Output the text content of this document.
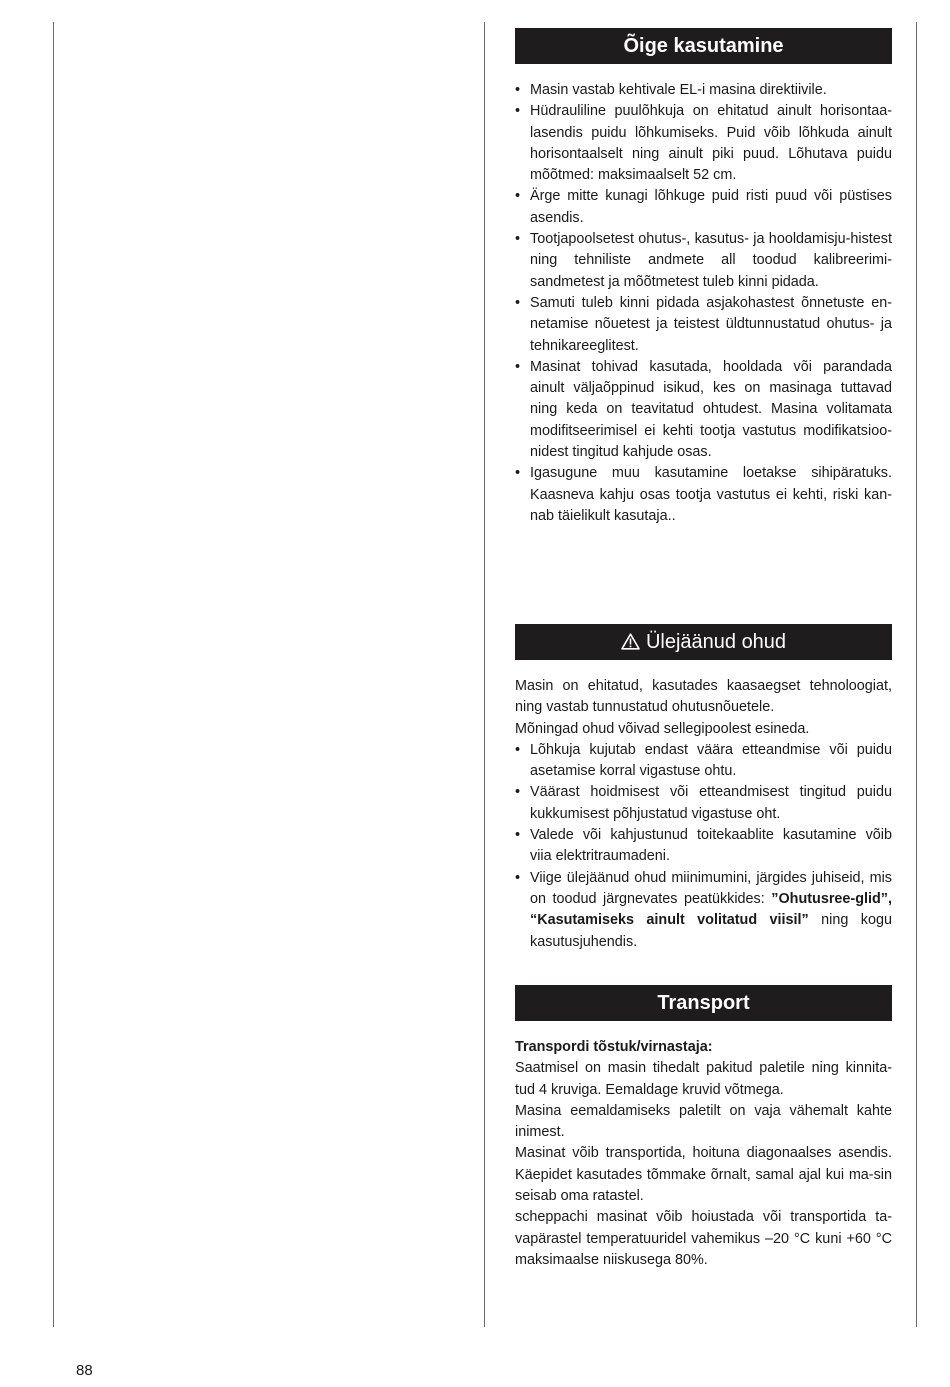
Õige kasutamine
• Masin vastab kehtivale EL-i masina direktiivile.
• Hüdrauliline puulõhkuja on ehitatud ainult horisontaa-lasendis puidu lõhkumiseks. Puid võib lõhkuda ainult horisontaalselt ning ainult piki puud. Lõhutava puidu mõõtmed: maksimaalselt 52 cm.
• Ärge mitte kunagi lõhkuge puid risti puud või püstises asendis.
• Tootjapoolsetest ohutus-, kasutus- ja hooldamisju-histest ning tehniliste andmete all toodud kalibreerimi-sandmetest ja mõõtmetest tuleb kinni pidada.
• Samuti tuleb kinni pidada asjakohastest õnnetuste en-netamise nõuetest ja teistest üldtunnustatud ohutus- ja tehnikareeglitest.
• Masinat tohivad kasutada, hooldada või parandada ainult väljaõppinud isikud, kes on masinaga tuttavad ning keda on teavitatud ohtudest. Masina volitamata modifitseerimisel ei kehti tootja vastutus modifikatsioo-nidest tingitud kahjude osas.
• Igasugune muu kasutamine loetakse sihipäratuks. Kaasneva kahju osas tootja vastutus ei kehti, riski kan-nab täielikult kasutaja..
Ülejäänud ohud

Masin on ehitatud, kasutades kaasaegset tehnoloogiat, ning vastab tunnustatud ohutusnõuetele.

Mõningad ohud võivad sellegipoolest esineda.

• Lõhkuja kujutab endast väära etteandmise või puidu asetamise korral vigastuse ohtu.
• Väärast hoidmisest või etteandmisest tingitud puidu kukkumisest põhjustatud vigastuse oht.
• Valede või kahjustunud toitekaablite kasutamine võib viia elektritraumadeni.
• Viige ülejäänud ohud miinimumini, järgides juhiseid, mis on toodud järgnevates peatükkides: ”Ohutusree-glid”, “Kasutamiseks ainult volitatud viisil” ning kogu kasutusjuhendis.
Transport

Transpordi tõstuk/virnastaja:

Saatmisel on masin tihedalt pakitud paletile ning kinnita-tud 4 kruviga. Eemaldage kruvid võtmega.

Masina eemaldamiseks paletilt on vaja vähemalt kahte inimest.

Masinat võib transportida, hoituna diagonaalses asendis. Käepidet kasutades tõmmake õrnalt, samal ajal kui ma-sin seisab oma ratastel.

scheppachi masinat võib hoiustada või transportida ta-vapärastel temperatuuridel vahemikus –20 °C kuni +60 °C maksimaalse niiskusega 80%.

88
